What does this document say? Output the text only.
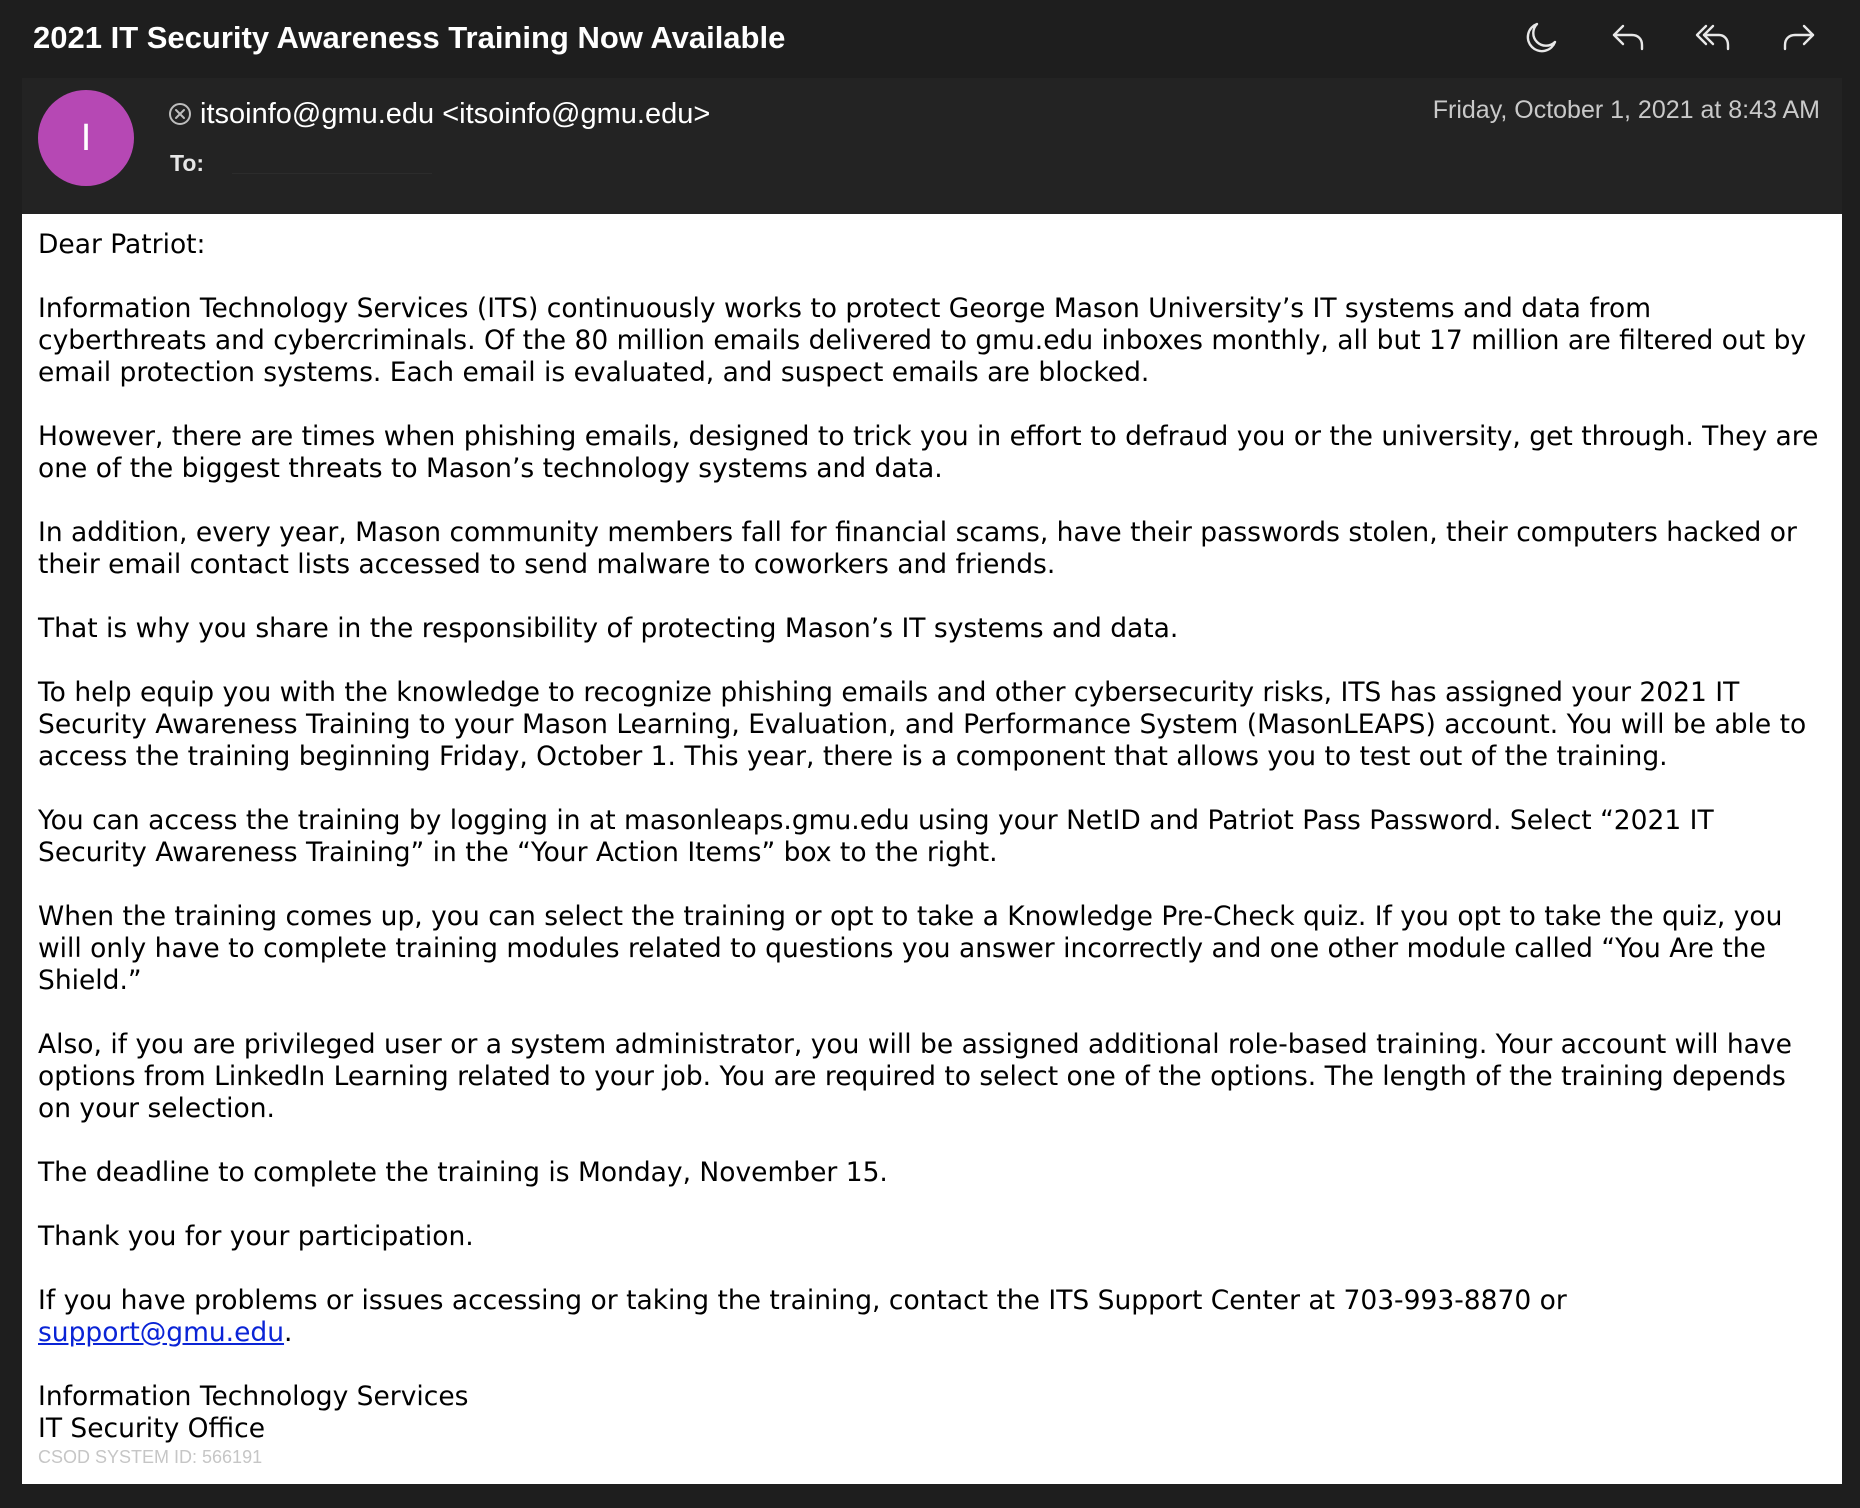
2021 IT Security Awareness Training Now Available
I
itsoinfo@gmu.edu <itsoinfo@gmu.edu>
To:
Friday, October 1, 2021 at 8:43 AM

Dear Patriot:

Information Technology Services (ITS) continuously works to protect George Mason University’s IT systems and data from cyberthreats and cybercriminals. Of the 80 million emails delivered to gmu.edu inboxes monthly, all but 17 million are filtered out by email protection systems. Each email is evaluated, and suspect emails are blocked.

However, there are times when phishing emails, designed to trick you in effort to defraud you or the university, get through. They are one of the biggest threats to Mason’s technology systems and data.

In addition, every year, Mason community members fall for financial scams, have their passwords stolen, their computers hacked or their email contact lists accessed to send malware to coworkers and friends.

That is why you share in the responsibility of protecting Mason’s IT systems and data.

To help equip you with the knowledge to recognize phishing emails and other cybersecurity risks, ITS has assigned your 2021 IT Security Awareness Training to your Mason Learning, Evaluation, and Performance System (MasonLEAPS) account. You will be able to access the training beginning Friday, October 1. This year, there is a component that allows you to test out of the training.

You can access the training by logging in at masonleaps.gmu.edu using your NetID and Patriot Pass Password. Select “2021 IT Security Awareness Training” in the “Your Action Items” box to the right.

When the training comes up, you can select the training or opt to take a Knowledge Pre-Check quiz. If you opt to take the quiz, you will only have to complete training modules related to questions you answer incorrectly and one other module called “You Are the Shield.”

Also, if you are privileged user or a system administrator, you will be assigned additional role-based training. Your account will have options from LinkedIn Learning related to your job. You are required to select one of the options. The length of the training depends on your selection.

The deadline to complete the training is Monday, November 15.

Thank you for your participation.

If you have problems or issues accessing or taking the training, contact the ITS Support Center at 703-993-8870 or support@gmu.edu.

Information Technology Services
IT Security Office
CSOD SYSTEM ID: 566191
